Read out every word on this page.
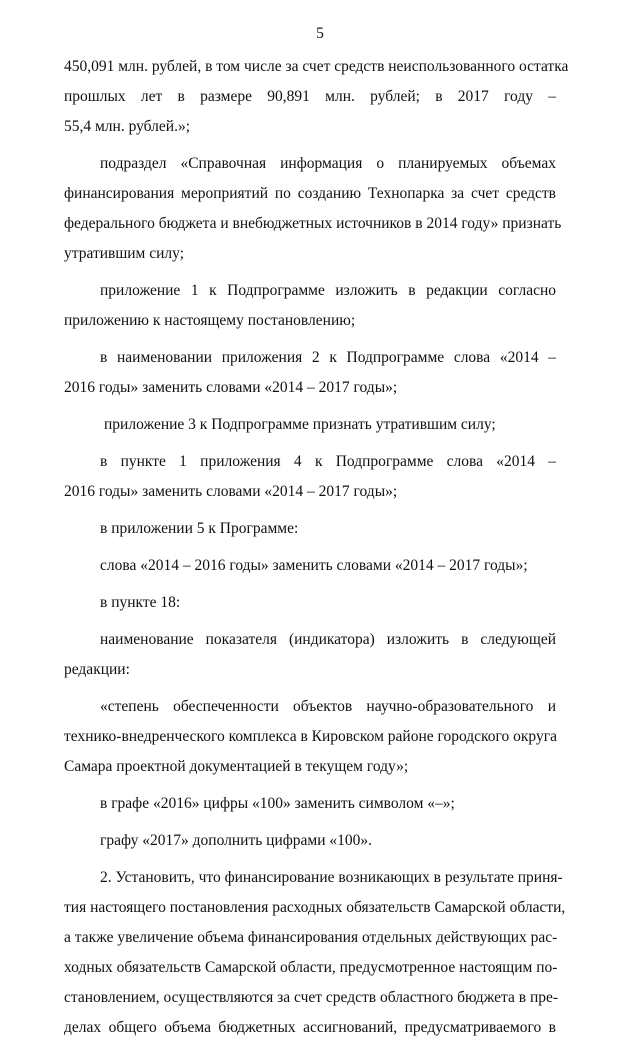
5
450,091 млн. рублей, в том числе за счет средств неиспользованного остатка
прошлых лет в размере 90,891 млн. рублей; в 2017 году –
55,4 млн. рублей.»;
подраздел «Справочная информация о планируемых объемах
финансирования мероприятий по созданию Технопарка за счет средств
федерального бюджета и внебюджетных источников в 2014 году» признать
утратившим силу;
приложение 1 к Подпрограмме изложить в редакции согласно
приложению к настоящему постановлению;
в наименовании приложения 2 к Подпрограмме слова «2014 –
2016 годы» заменить словами «2014 – 2017 годы»;
приложение 3 к Подпрограмме признать утратившим силу;
в пункте 1 приложения 4 к Подпрограмме слова «2014 –
2016 годы» заменить словами «2014 – 2017 годы»;
в приложении 5 к Программе:
слова «2014 – 2016 годы» заменить словами «2014 – 2017 годы»;
в пункте 18:
наименование показателя (индикатора) изложить в следующей
редакции:
«степень обеспеченности объектов научно-образовательного и
технико-внедренческого комплекса в Кировском районе городского округа
Самара проектной документацией в текущем году»;
в графе «2016» цифры «100» заменить символом «–»;
графу «2017» дополнить цифрами «100».
2. Установить, что финансирование возникающих в результате приня-
тия настоящего постановления расходных обязательств Самарской области,
а также увеличение объема финансирования отдельных действующих рас-
ходных обязательств Самарской области, предусмотренное настоящим по-
становлением, осуществляются за счет средств областного бюджета в пре-
делах общего объема бюджетных ассигнований, предусматриваемого в
